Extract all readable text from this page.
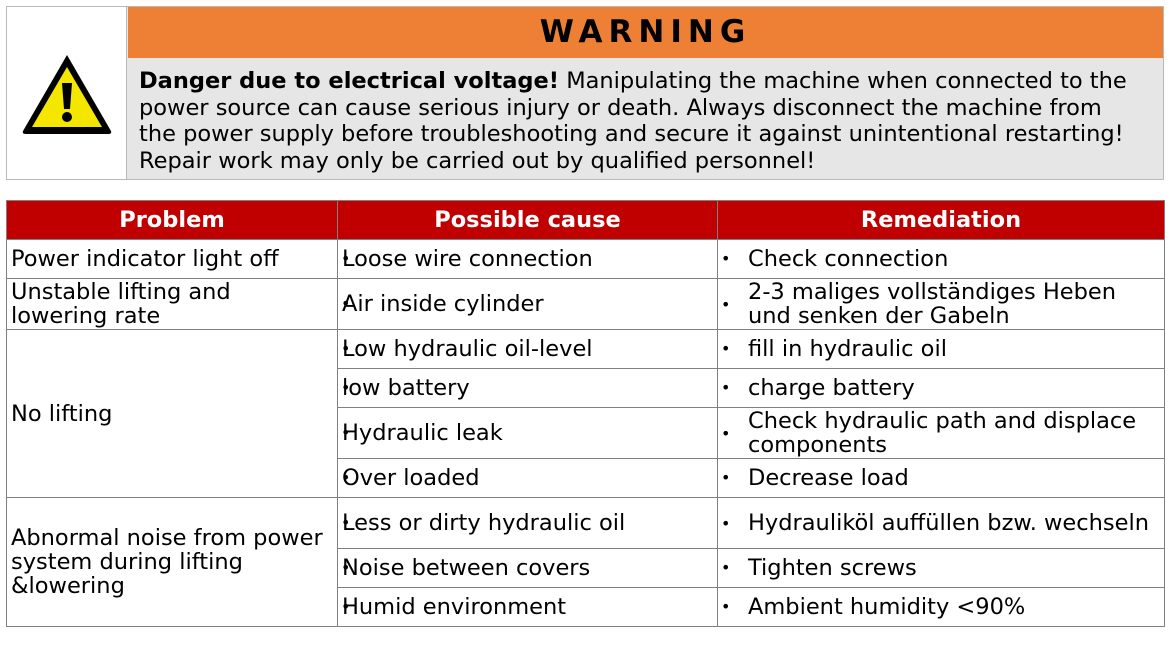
WARNING
Danger due to electrical voltage! Manipulating the machine when connected to the power source can cause serious injury or death. Always disconnect the machine from the power supply before troubleshooting and secure it against unintentional restarting! Repair work may only be carried out by qualified personnel!
Problem	Possible cause	Remediation
Power indicator light off	• Loose wire connection	• Check connection
Unstable lifting and lowering rate	• Air inside cylinder	• 2-3 maliges vollständiges Heben und senken der Gabeln
No lifting	• Low hydraulic oil-level	• fill in hydraulic oil
	• low battery	• charge battery
	• Hydraulic leak	• Check hydraulic path and displace components
	• Over loaded	• Decrease load
Abnormal noise from power system during lifting &lowering	• Less or dirty hydraulic oil	• Hydrauliköl auffüllen bzw. wechseln
	• Noise between covers	• Tighten screws
	• Humid environment	• Ambient humidity <90%
